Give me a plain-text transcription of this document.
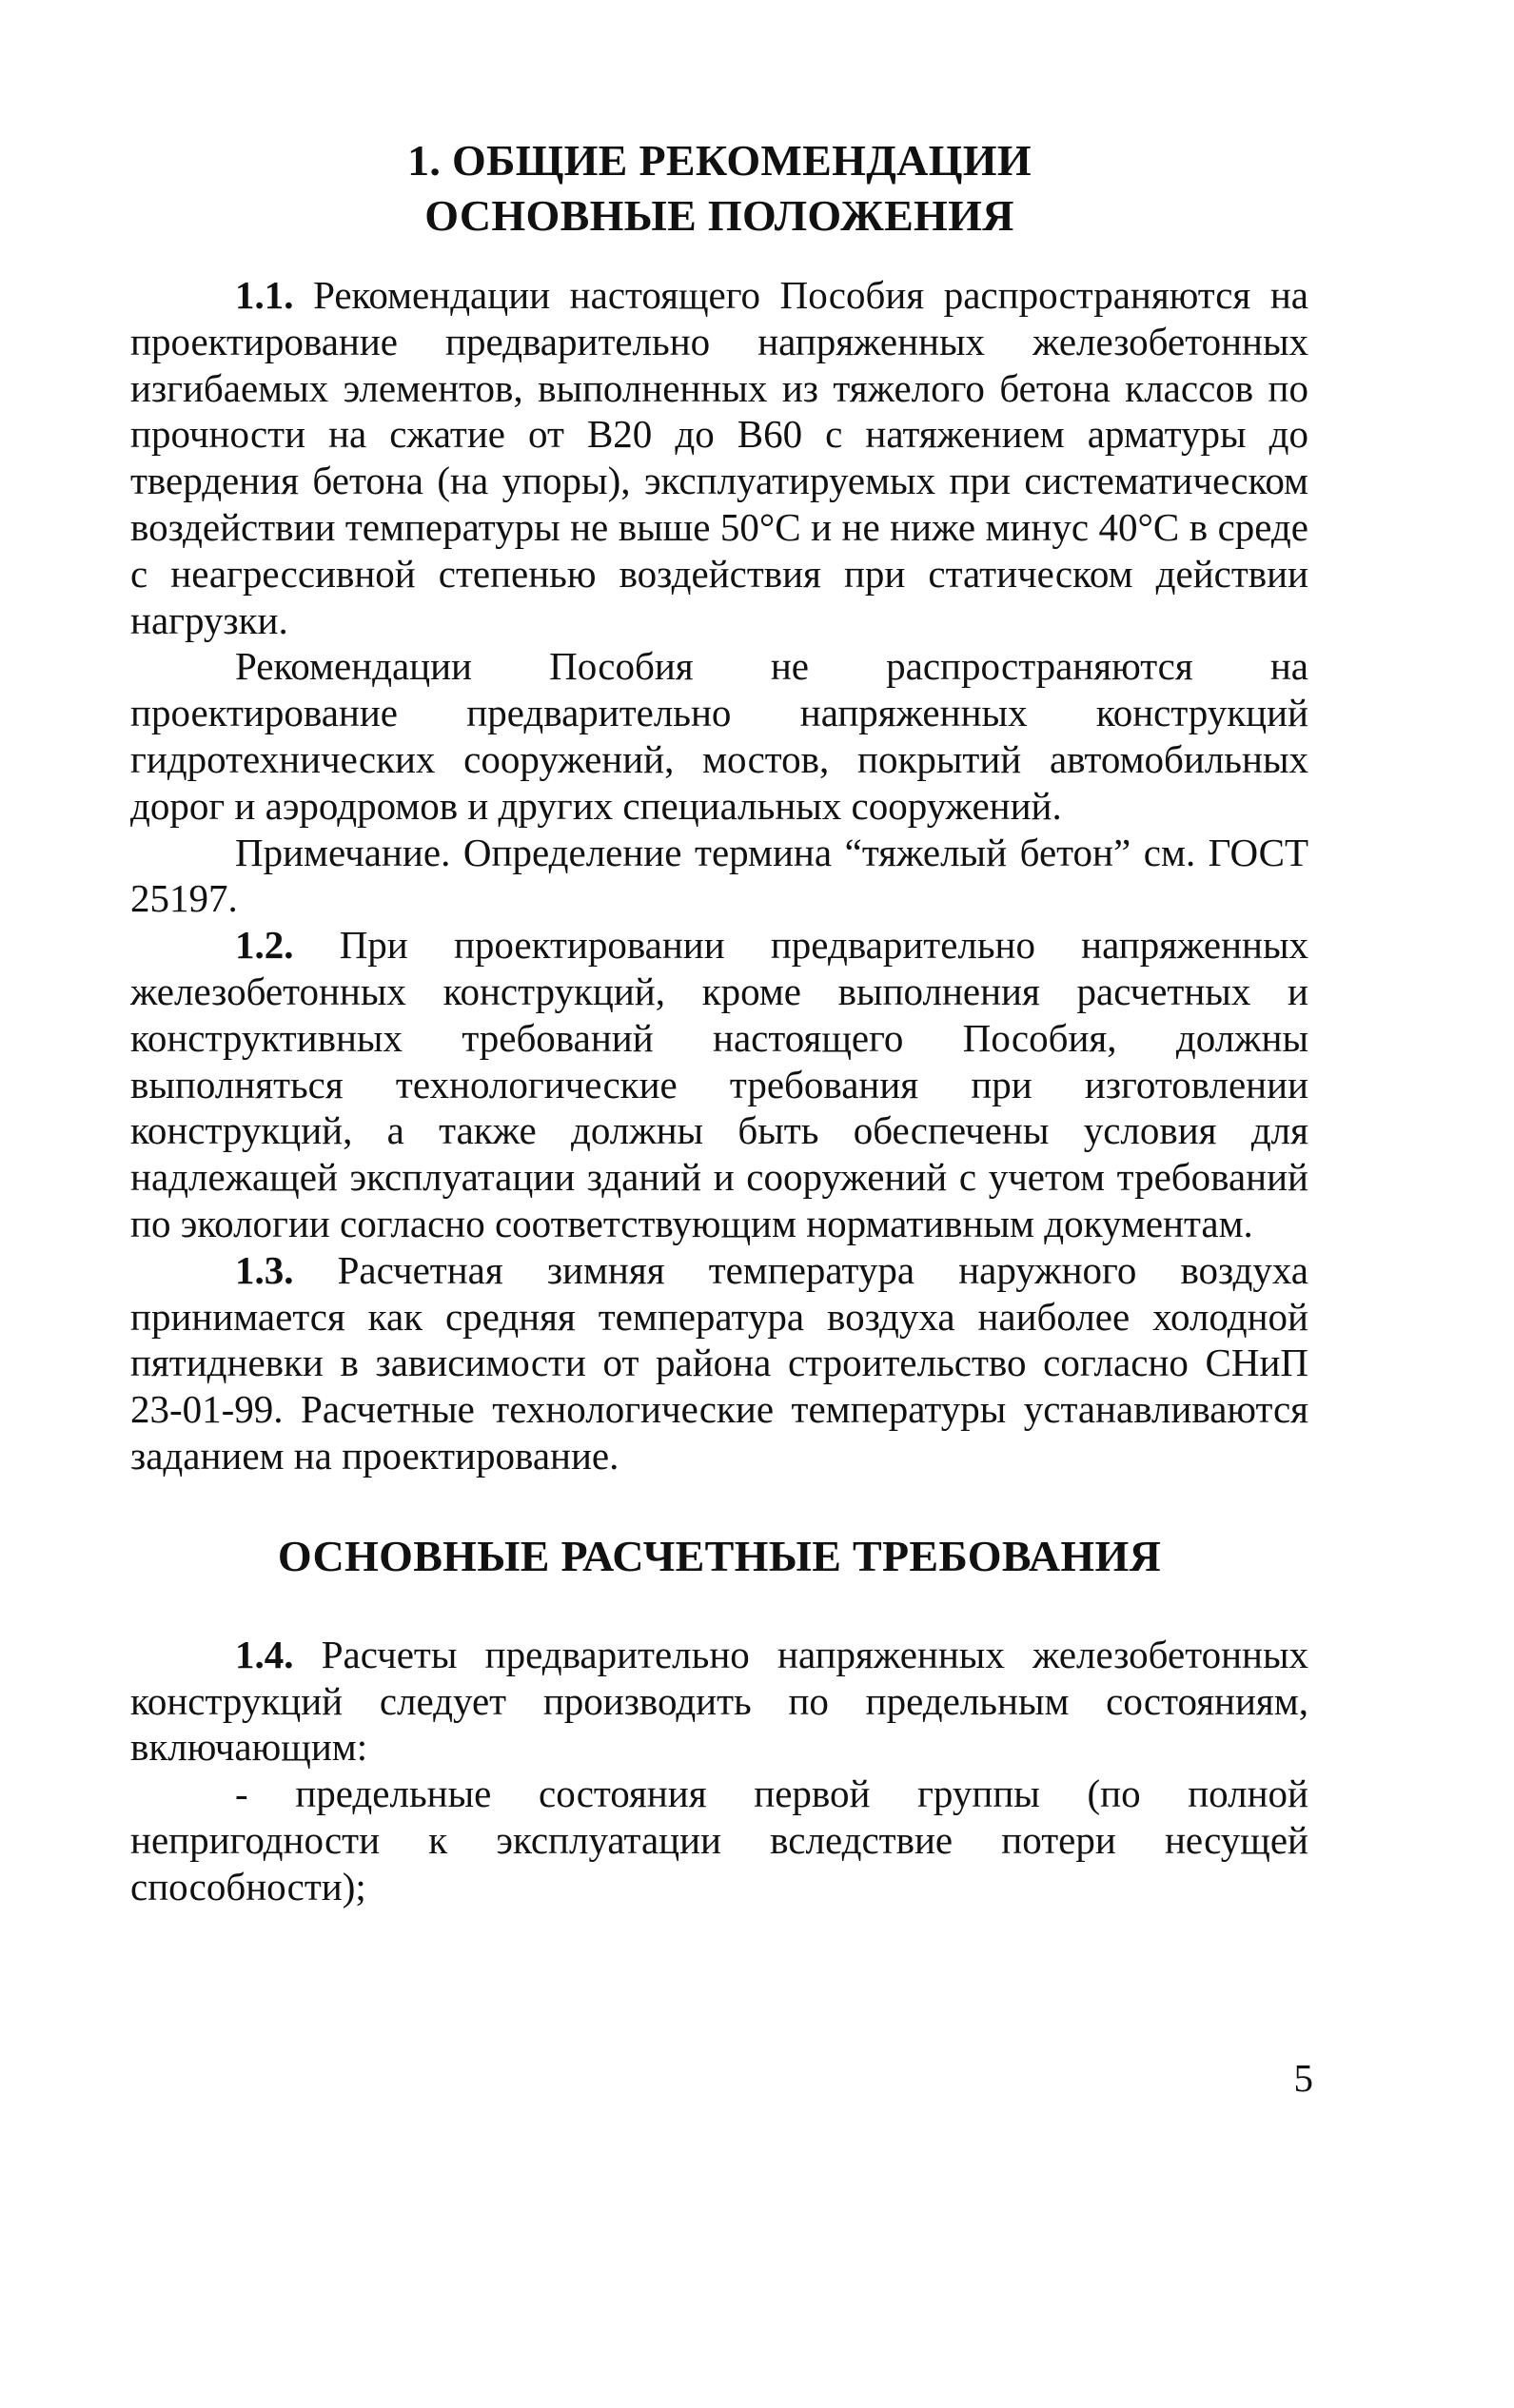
1. ОБЩИЕ РЕКОМЕНДАЦИИ
ОСНОВНЫЕ ПОЛОЖЕНИЯ

1.1. Рекомендации настоящего Пособия распространяются на проектирование предварительно напряженных железобетонных изгибаемых элементов, выполненных из тяжелого бетона классов по прочности на сжатие от В20 до В60 с натяжением арматуры до твердения бетона (на упоры), эксплуатируемых при систематическом воздействии температуры не выше 50°С и не ниже минус 40°С в среде с неагрессивной степенью воздействия при статическом действии нагрузки.

Рекомендации Пособия не распространяются на проектирование предварительно напряженных конструкций гидротехнических сооружений, мостов, покрытий автомобильных дорог и аэродромов и других специальных сооружений.

Примечание. Определение термина “тяжелый бетон” см. ГОСТ 25197.

1.2. При проектировании предварительно напряженных железобетонных конструкций, кроме выполнения расчетных и конструктивных требований настоящего Пособия, должны выполняться технологические требования при изготовлении конструкций, а также должны быть обеспечены условия для надлежащей эксплуатации зданий и сооружений с учетом требований по экологии согласно соответствующим нормативным документам.

1.3. Расчетная зимняя температура наружного воздуха принимается как средняя температура воздуха наиболее холодной пятидневки в зависимости от района строительство согласно СНиП 23-01-99. Расчетные технологические температуры устанавливаются заданием на проектирование.

ОСНОВНЫЕ РАСЧЕТНЫЕ ТРЕБОВАНИЯ

1.4. Расчеты предварительно напряженных железобетонных конструкций следует производить по предельным состояниям, включающим:

- предельные состояния первой группы (по полной непригодности к эксплуатации вследствие потери несущей способности);

5
